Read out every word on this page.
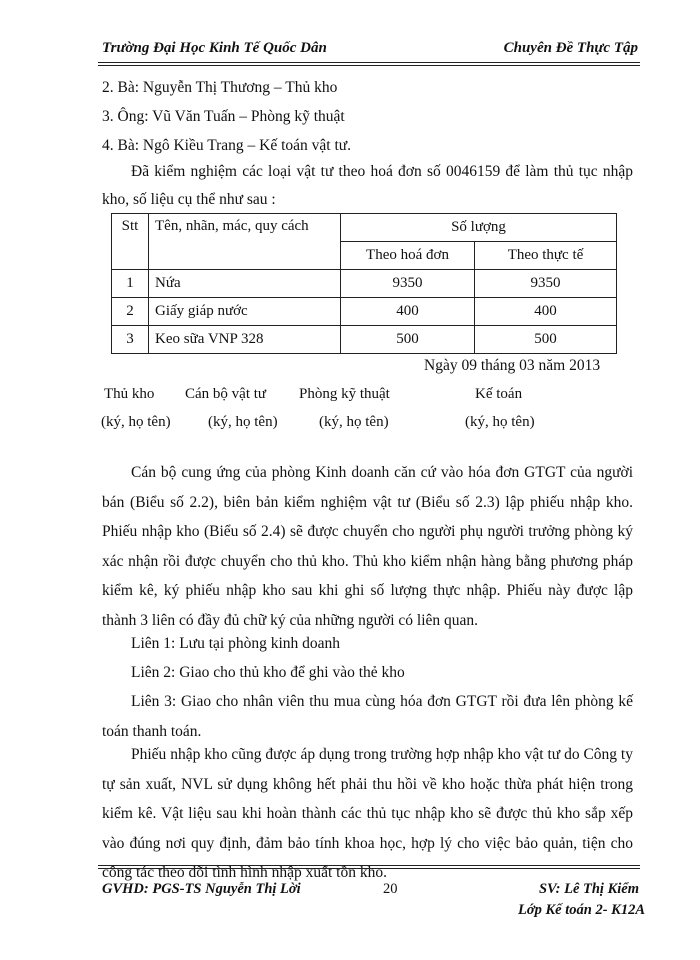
Trường Đại Học Kinh Tế Quốc Dân	Chuyên Đề Thực Tập
2. Bà: Nguyễn Thị Thương – Thủ kho
3. Ông: Vũ Văn Tuấn – Phòng kỹ thuật
4. Bà: Ngô Kiều Trang – Kế toán vật tư.

Đã kiểm nghiệm các loại vật tư theo hoá đơn số 0046159 để làm thủ tục nhập kho, số liệu cụ thể như sau :

Stt	Tên, nhãn, mác, quy cách	Số lượng	
		Theo hoá đơn	Theo thực tế
1	Nứa	9350	9350
2	Giấy giáp nước	400	400
3	Keo sữa VNP 328	500	500
Ngày 09 tháng 03 năm 2013
Thủ kho Cán bộ vật tư Phòng kỹ thuật	Kế toán
(ký, họ tên) (ký, họ tên)	(ký, họ tên)	(ký, họ tên)

Cán bộ cung ứng của phòng Kinh doanh căn cứ vào hóa đơn GTGT của người bán (Biểu số 2.2), biên bản kiểm nghiệm vật tư (Biểu số 2.3) lập phiếu nhập kho. Phiếu nhập kho (Biểu số 2.4) sẽ được chuyển cho người phụ người trưởng phòng ký xác nhận rồi được chuyển cho thủ kho. Thủ kho kiểm nhận hàng bằng phương pháp kiểm kê, ký phiếu nhập kho sau khi ghi số lượng thực nhập. Phiếu này được lập thành 3 liên có đầy đủ chữ ký của những người có liên quan.

Liên 1: Lưu tại phòng kinh doanh

Liên 2: Giao cho thủ kho để ghi vào thẻ kho

Liên 3: Giao cho nhân viên thu mua cùng hóa đơn GTGT rồi đưa lên phòng kế toán thanh toán.

Phiếu nhập kho cũng được áp dụng trong trường hợp nhập kho vật tư do Công ty tự sản xuất, NVL sử dụng không hết phải thu hồi về kho hoặc thừa phát hiện trong kiểm kê. Vật liệu sau khi hoàn thành các thủ tục nhập kho sẽ được thủ kho sắp xếp vào đúng nơi quy định, đảm bảo tính khoa học, hợp lý cho việc bảo quản, tiện cho công tác theo dõi tình hình nhập xuất tồn kho.

GVHD: PGS-TS Nguyễn Thị Lời	20	SV: Lê Thị Kiểm
Lớp Kế toán 2- K12A
